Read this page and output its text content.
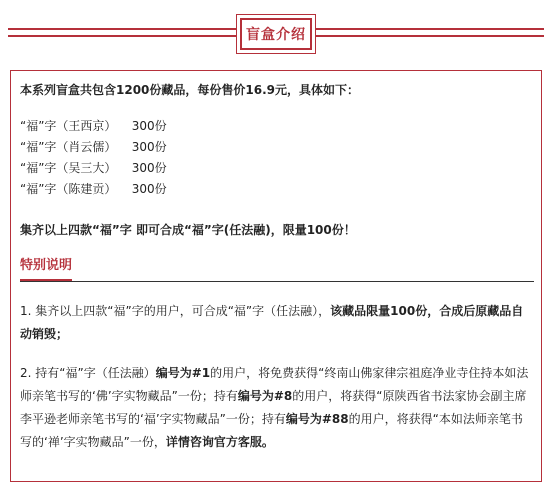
盲盒介绍

本系列盲盒共包含1200份藏品，每份售价16.9元，具体如下：

“福”字（王西京） 300份
“福”字（肖云儒） 300份
“福”字（吴三大） 300份
“福”字（陈建贡） 300份

集齐以上四款“福”字 即可合成“福”字(任法融)，限量100份！

特别说明

1. 集齐以上四款“福”字的用户，可合成“福”字（任法融），该藏品限量100份，合成后原藏品自动销毁；

2. 持有“福”字（任法融）编号为#1的用户，将免费获得“终南山佛家律宗祖庭净业寺住持本如法师亲笔书写的‘佛’字实物藏品”一份；持有编号为#8的用户，将获得“原陕西省书法家协会副主席李平逊老师亲笔书写的‘福’字实物藏品”一份；持有编号为#88的用户，将获得“本如法师亲笔书写的‘禅’字实物藏品”一份，详情咨询官方客服。
